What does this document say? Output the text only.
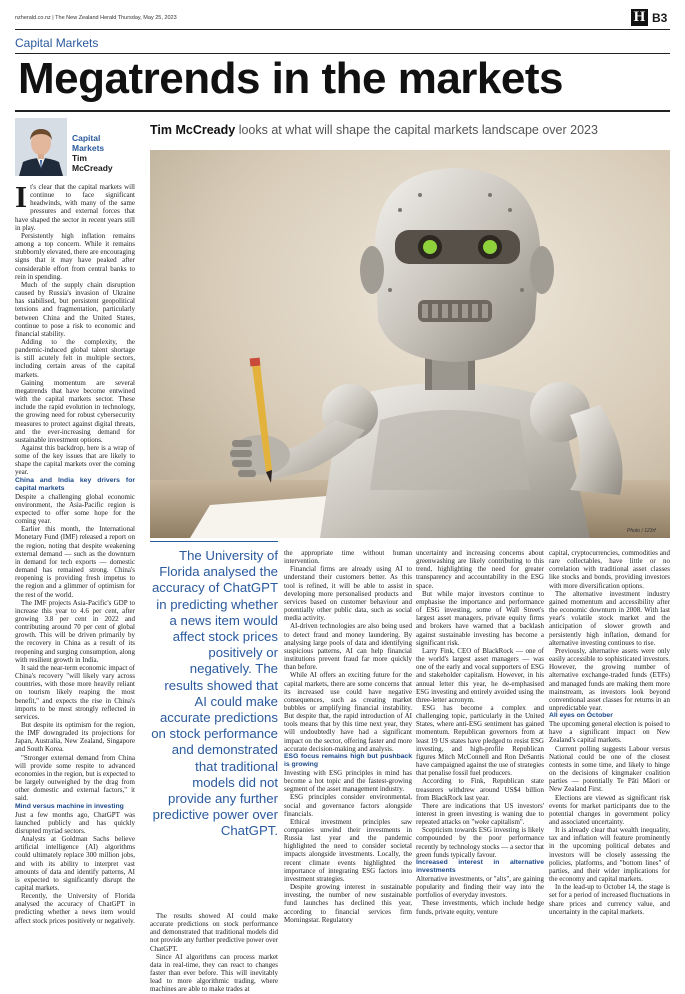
nzherald.co.nz | The New Zealand Herald Thursday, May 25, 2023	H B3
Capital Markets
Megatrends in the markets
Capital Markets
Tim McCready
Tim McCready looks at what will shape the capital markets landscape over 2023
Photo / 123rf

It's clear that the capital markets will continue to face significant headwinds, with many of the same pressures and external forces that have shaped the sector in recent years still in play.

Persistently high inflation remains among a top concern. While it remains stubbornly elevated, there are encouraging signs that it may have peaked after considerable effort from central banks to rein in spending.

Much of the supply chain disruption caused by Russia's invasion of Ukraine has stabilised, but persistent geopolitical tensions and fragmentation, particularly between China and the United States, continue to pose a risk to economic and financial stability.

Adding to the complexity, the pandemic-induced global talent shortage is still acutely felt in multiple sectors, including certain areas of the capital markets.

Gaining momentum are several megatrends that have become entwined with the capital markets sector. These include the rapid evolution in technology, the growing need for robust cybersecurity measures to protect against digital threats, and the ever-increasing demand for sustainable investment options.

Against this backdrop, here is a wrap of some of the key issues that are likely to shape the capital markets over the coming year.

China and India key drivers for capital markets

Despite a challenging global economic environment, the Asia-Pacific region is expected to offer some hope for the coming year.

Earlier this month, the International Monetary Fund (IMF) released a report on the region, noting that despite weakening external demand — such as the downturn in demand for tech exports — domestic demand has remained strong. China's reopening is providing fresh impetus to the region and a glimmer of optimism for the rest of the world.

The IMF projects Asia-Pacific's GDP to increase this year to 4.6 per cent, after growing 3.8 per cent in 2022 and contributing around 70 per cent of global growth. This will be driven primarily by the recovery in China as a result of its reopening and surging consumption, along with resilient growth in India.

It said the near-term economic impact of China's recovery "will likely vary across countries, with those more heavily reliant on tourism likely reaping the most benefit," and expects the rise in China's imports to be most strongly reflected in services.

But despite its optimism for the region, the IMF downgraded its projections for Japan, Australia, New Zealand, Singapore and South Korea.

"Stronger external demand from China will provide some respite to advanced economies in the region, but is expected to be largely outweighed by the drag from other domestic and external factors," it said.

Mind versus machine in investing

Just a few months ago, ChatGPT was launched publicly and has quickly disrupted myriad sectors.

Analysts at Goldman Sachs believe artificial intelligence (AI) algorithms could ultimately replace 300 million jobs, and with its ability to interpret vast amounts of data and identify patterns, AI is expected to significantly disrupt the capital markets.

Recently, the University of Florida analysed the accuracy of ChatGPT in predicting whether a news item would affect stock prices positively or negatively.

The University of Florida analysed the accuracy of ChatGPT in predicting whether a news item would affect stock prices positively or negatively. The results showed that AI could make accurate predictions on stock performance and demonstrated that traditional models did not provide any further predictive power over ChatGPT.

The results showed AI could make accurate predictions on stock performance and demonstrated that traditional models did not provide any further predictive power over ChatGPT.

Since AI algorithms can process market data in real-time, they can react to changes faster than ever before. This will inevitably lead to more algorithmic trading, where machines are able to make trades at

the appropriate time without human intervention.

Financial firms are already using AI to understand their customers better. As this tool is refined, it will be able to assist in developing more personalised products and services based on customer behaviour and potentially other public data, such as social media activity.

AI-driven technologies are also being used to detect fraud and money laundering. By analysing large pools of data and identifying suspicious patterns, AI can help financial institutions prevent fraud far more quickly than before.

While AI offers an exciting future for the capital markets, there are some concerns that its increased use could have negative consequences, such as creating market bubbles or amplifying financial instability. But despite that, the rapid introduction of AI tools means that by this time next year, they will undoubtedly have had a significant impact on the sector, offering faster and more accurate decision-making and analysis.

ESG focus remains high but pushback is growing

Investing with ESG principles in mind has become a hot topic and the fastest-growing segment of the asset management industry.

ESG principles consider environmental, social and governance factors alongside financials.

Ethical investment principles saw companies unwind their investments in Russia last year and the pandemic highlighted the need to consider societal impacts alongside investments. Locally, the recent climate events highlighted the importance of integrating ESG factors into investment strategies.

Despite growing interest in sustainable investing, the number of new sustainable fund launches has declined this year, according to financial services firm Morningstar. Regulatory

uncertainty and increasing concerns about greenwashing are likely contributing to this trend, highlighting the need for greater transparency and accountability in the ESG space.

But while major investors continue to emphasise the importance and performance of ESG investing, some of Wall Street's largest asset managers, private equity firms and brokers have warned that a backlash against sustainable investing has become a significant risk.

Larry Fink, CEO of BlackRock — one of the world's largest asset managers — was one of the early and vocal supporters of ESG and stakeholder capitalism. However, in his annual letter this year, he de-emphasised ESG investing and entirely avoided using the three-letter acronym.

ESG has become a complex and challenging topic, particularly in the United States, where anti-ESG sentiment has gained momentum. Republican governors from at least 19 US states have pledged to resist ESG investing, and high-profile Republican figures Mitch McConnell and Ron DeSantis have campaigned against the use of strategies that penalise fossil fuel producers.

According to Fink, Republican state treasurers withdrew around US$4 billion from BlackRock last year.

There are indications that US investors' interest in green investing is waning due to repeated attacks on "woke capitalism".

Scepticism towards ESG investing is likely compounded by the poor performance recently by technology stocks — a sector that green funds typically favour.

Increased interest in alternative investments

Alternative investments, or "alts", are gaining popularity and finding their way into the portfolios of everyday investors.

These investments, which include hedge funds, private equity, venture

capital, cryptocurrencies, commodities and rare collectables, have little or no correlation with traditional asset classes like stocks and bonds, providing investors with more diversification options.

The alternative investment industry gained momentum and accessibility after the economic downturn in 2008. With last year's volatile stock market and the anticipation of slower growth and persistently high inflation, demand for alternative investing continues to rise.

Previously, alternative assets were only easily accessible to sophisticated investors. However, the growing number of alternative exchange-traded funds (ETFs) and managed funds are making them more mainstream, as investors look beyond conventional asset classes for returns in an unpredictable year.

All eyes on October

The upcoming general election is poised to have a significant impact on New Zealand's capital markets.

Current polling suggests Labour versus National could be one of the closest contests in some time, and likely to hinge on the decisions of kingmaker coalition parties — potentially Te Pāti Māori or New Zealand First.

Elections are viewed as significant risk events for market participants due to the potential changes in government policy and associated uncertainty.

It is already clear that wealth inequality, tax and inflation will feature prominently in the upcoming political debates and investors will be closely assessing the policies, platforms, and "bottom lines" of parties, and their wider implications for the economy and capital markets.

In the lead-up to October 14, the stage is set for a period of increased fluctuations in share prices and currency value, and uncertainty in the capital markets.
